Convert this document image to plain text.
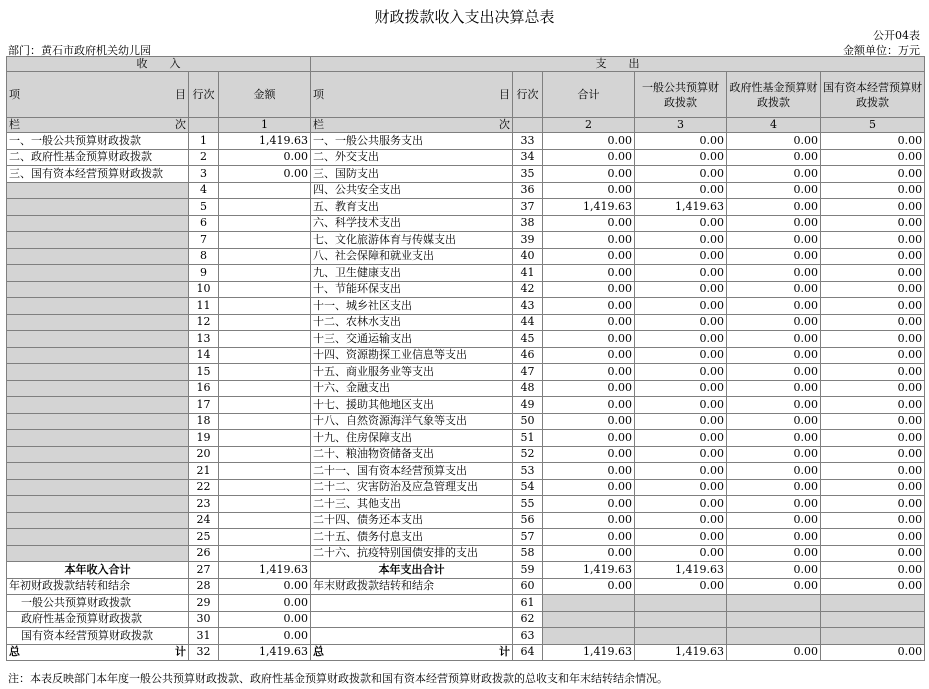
财政拨款收入支出决算总表
公开04表
部门：黄石市政府机关幼儿园	金额单位：万元
收　　入			支　　出					

项 目	行次	金额	项 目	行次	合计	一般公共预算财政拨款	政府性基金预算财政拨款	国有资本经营预算财政拨款

栏 次		1	栏 次		2	3	4	5
一、一般公共预算财政拨款	1	1,419.63	一、一般公共服务支出	33	0.00	0.00	0.00	0.00
二、政府性基金预算财政拨款	2	0.00	二、外交支出	34	0.00	0.00	0.00	0.00
三、国有资本经营预算财政拨款	3	0.00	三、国防支出	35	0.00	0.00	0.00	0.00
	4		四、公共安全支出	36	0.00	0.00	0.00	0.00
	5		五、教育支出	37	1,419.63	1,419.63	0.00	0.00
	6		六、科学技术支出	38	0.00	0.00	0.00	0.00
	7		七、文化旅游体育与传媒支出	39	0.00	0.00	0.00	0.00
	8		八、社会保障和就业支出	40	0.00	0.00	0.00	0.00
	9		九、卫生健康支出	41	0.00	0.00	0.00	0.00
	10		十、节能环保支出	42	0.00	0.00	0.00	0.00
	11		十一、城乡社区支出	43	0.00	0.00	0.00	0.00
	12		十二、农林水支出	44	0.00	0.00	0.00	0.00
	13		十三、交通运输支出	45	0.00	0.00	0.00	0.00
	14		十四、资源勘探工业信息等支出	46	0.00	0.00	0.00	0.00
	15		十五、商业服务业等支出	47	0.00	0.00	0.00	0.00
	16		十六、金融支出	48	0.00	0.00	0.00	0.00
	17		十七、援助其他地区支出	49	0.00	0.00	0.00	0.00
	18		十八、自然资源海洋气象等支出	50	0.00	0.00	0.00	0.00
	19		十九、住房保障支出	51	0.00	0.00	0.00	0.00
	20		二十、粮油物资储备支出	52	0.00	0.00	0.00	0.00
	21		二十一、国有资本经营预算支出	53	0.00	0.00	0.00	0.00
	22		二十二、灾害防治及应急管理支出	54	0.00	0.00	0.00	0.00
	23		二十三、其他支出	55	0.00	0.00	0.00	0.00
	24		二十四、债务还本支出	56	0.00	0.00	0.00	0.00
	25		二十五、债务付息支出	57	0.00	0.00	0.00	0.00
	26		二十六、抗疫特别国债安排的支出	58	0.00	0.00	0.00	0.00
本年收入合计	27	1,419.63	本年支出合计	59	1,419.63	1,419.63	0.00	0.00
年初财政拨款结转和结余	28	0.00	年末财政拨款结转和结余	60	0.00	0.00	0.00	0.00
一般公共预算财政拨款	29	0.00		61				
政府性基金预算财政拨款	30	0.00		62				
国有资本经营预算财政拨款	31	0.00		63				

总 计	32	1,419.63	总 计	64	1,419.63	1,419.63	0.00	0.00
注：本表反映部门本年度一般公共预算财政拨款、政府性基金预算财政拨款和国有资本经营预算财政拨款的总收支和年末结转结余情况。
